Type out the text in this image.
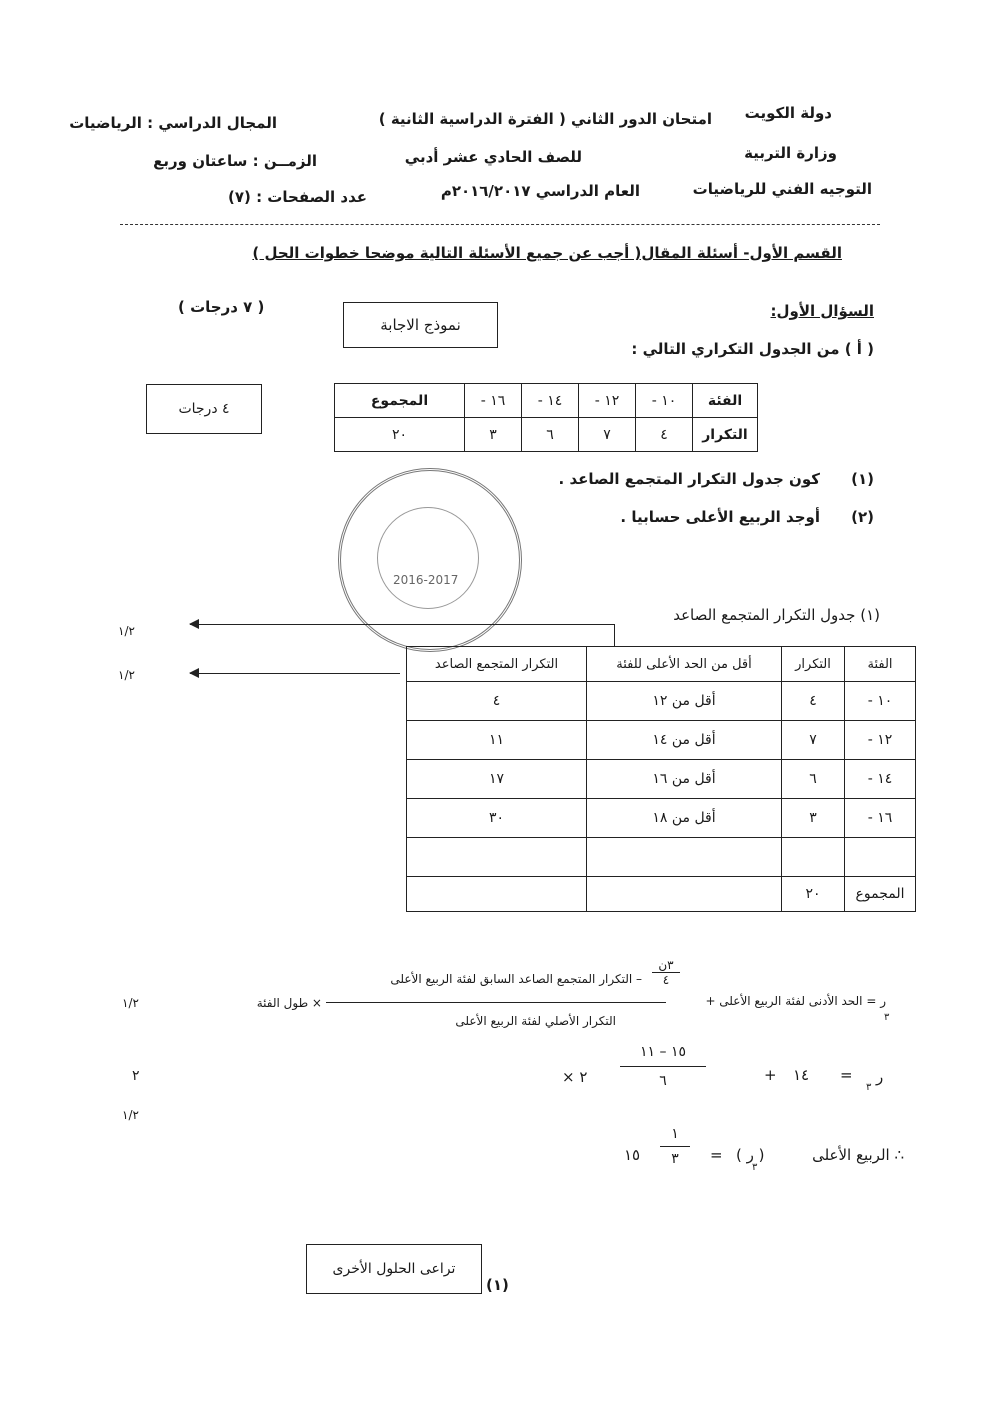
دولة الكويت
امتحان الدور الثاني ( الفترة الدراسية الثانية )
المجال الدراسي : الرياضيات
وزارة التربية
للصف الحادي عشر أدبي
الزمــن : ساعتان وربع
التوجيه الفني للرياضيات
العام الدراسي ٢٠١٦/٢٠١٧م
عدد الصفحات : (٧)
القسم الأول- أسئلة المقال( أجب عن جميع الأسئلة التالية موضحا خطوات الحل )
السؤال الأول:
( ٧ درجات )
نموذج الاجابة
( أ ) من الجدول التكراري التالي :
٤ درجات
الفئة	١٠ -	١٢ -	١٤ -	١٦ -	المجموع
التكرار	٤	٧	٦	٣	٢٠
(١)
كون جدول التكرار المتجمع الصاعد .
(٢)
أوجد الربيع الأعلى حسابيا .
2016-2017
(١) جدول التكرار المتجمع الصاعد
١/٢
١/٢
١/٢
٢
١/٢
الفئة	التكرار	أقل من الحد الأعلى للفئة	التكرار المتجمع الصاعد
١٠ -	٤	أقل من ١٢	٤
١٢ -	٧	أقل من ١٤	١١
١٤ -	٦	أقل من ١٦	١٧
١٦ -	٣	أقل من ١٨	٣٠

المجموع	٢٠		
ر = الحد الأدنى لفئة الربيع الأعلى +
٣
٣ن
٤
– التكرار المتجمع الصاعد السابق لفئة الربيع الأعلى
التكرار الأصلي لفئة الربيع الأعلى
× طول الفئة
ر
٣
=
١٤
+
١٥ – ١١
٦
× ٢
∴ الربيع الأعلى
( ر )
٣
=
١
٣
١٥
تراعى الحلول الأخرى
(١)
